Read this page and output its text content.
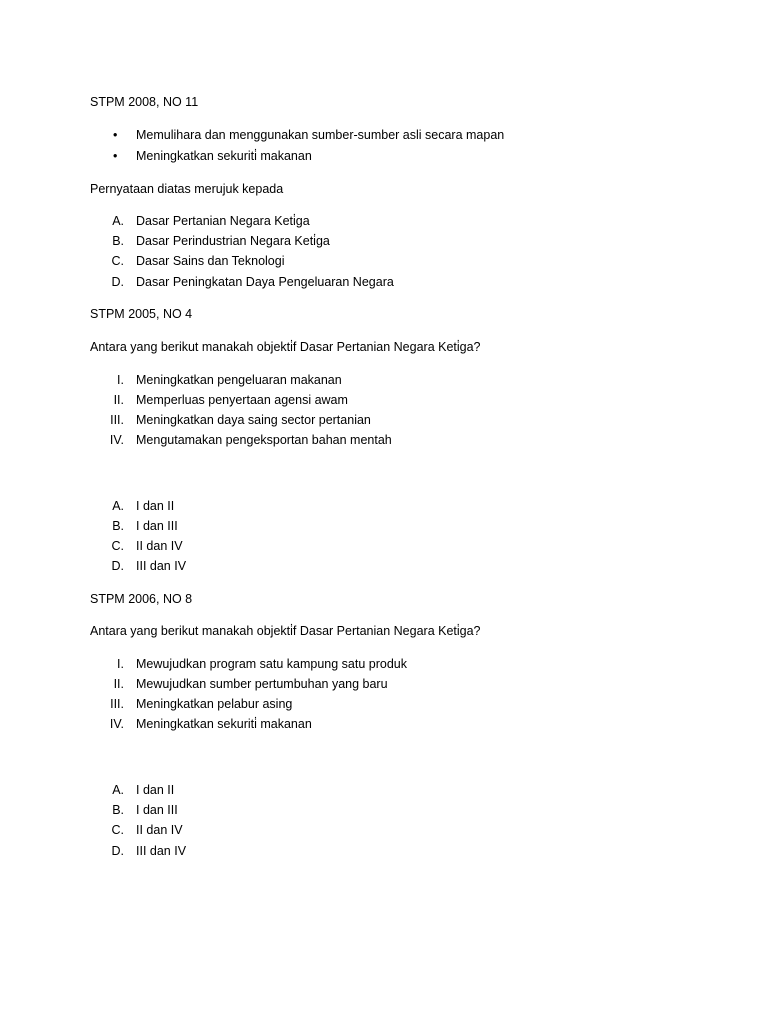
STPM 2008, NO 11
•	Memulihara dan menggunakan sumber-sumber asli secara mapan
•	Meningkatkan sekuriti̇ makanan
Pernyataan diatas merujuk kepada
A. Dasar Pertanian Negara Keti̇ga
B. Dasar Perindustrian Negara Keti̇ga
C. Dasar Sains dan Teknologi
D. Dasar Peningkatan Daya Pengeluaran Negara
STPM 2005, NO 4
Antara yang berikut manakah objekti̇f Dasar Pertanian Negara Keti̇ga?
I. Meningkatkan pengeluaran makanan
II. Memperluas penyertaan agensi awam
III. Meningkatkan daya saing sector pertanian
IV. Mengutamakan pengeksportan bahan mentah
A. I dan II
B. I dan III
C. II dan IV
D. III dan IV
STPM 2006, NO 8
Antara yang berikut manakah objekti̇f Dasar Pertanian Negara Keti̇ga?
I. Mewujudkan program satu kampung satu produk
II. Mewujudkan sumber pertumbuhan yang baru
III. Meningkatkan pelabur asing
IV. Meningkatkan sekuriti̇ makanan
A. I dan II
B. I dan III
C. II dan IV
D. III dan IV
